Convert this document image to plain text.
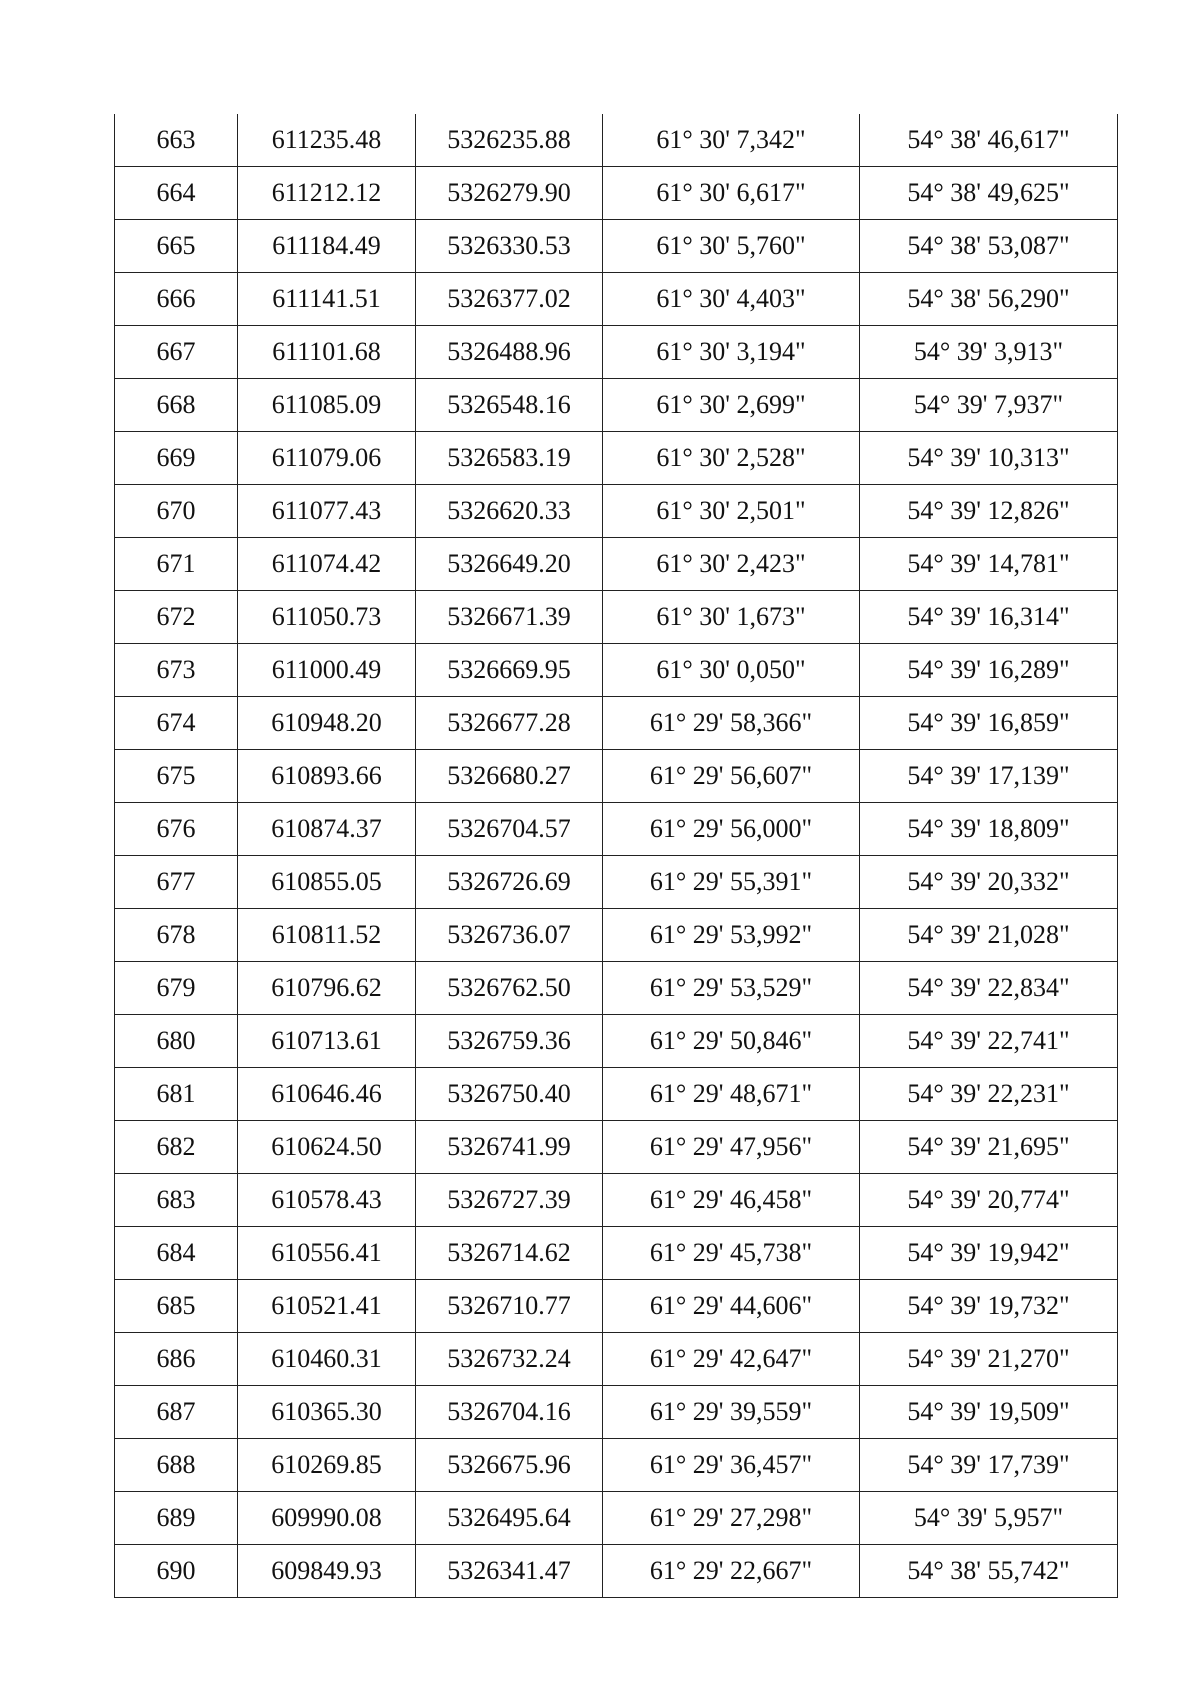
663	611235.48	5326235.88	61° 30' 7,342"	54° 38' 46,617"
664	611212.12	5326279.90	61° 30' 6,617"	54° 38' 49,625"
665	611184.49	5326330.53	61° 30' 5,760"	54° 38' 53,087"
666	611141.51	5326377.02	61° 30' 4,403"	54° 38' 56,290"
667	611101.68	5326488.96	61° 30' 3,194"	54° 39' 3,913"
668	611085.09	5326548.16	61° 30' 2,699"	54° 39' 7,937"
669	611079.06	5326583.19	61° 30' 2,528"	54° 39' 10,313"
670	611077.43	5326620.33	61° 30' 2,501"	54° 39' 12,826"
671	611074.42	5326649.20	61° 30' 2,423"	54° 39' 14,781"
672	611050.73	5326671.39	61° 30' 1,673"	54° 39' 16,314"
673	611000.49	5326669.95	61° 30' 0,050"	54° 39' 16,289"
674	610948.20	5326677.28	61° 29' 58,366"	54° 39' 16,859"
675	610893.66	5326680.27	61° 29' 56,607"	54° 39' 17,139"
676	610874.37	5326704.57	61° 29' 56,000"	54° 39' 18,809"
677	610855.05	5326726.69	61° 29' 55,391"	54° 39' 20,332"
678	610811.52	5326736.07	61° 29' 53,992"	54° 39' 21,028"
679	610796.62	5326762.50	61° 29' 53,529"	54° 39' 22,834"
680	610713.61	5326759.36	61° 29' 50,846"	54° 39' 22,741"
681	610646.46	5326750.40	61° 29' 48,671"	54° 39' 22,231"
682	610624.50	5326741.99	61° 29' 47,956"	54° 39' 21,695"
683	610578.43	5326727.39	61° 29' 46,458"	54° 39' 20,774"
684	610556.41	5326714.62	61° 29' 45,738"	54° 39' 19,942"
685	610521.41	5326710.77	61° 29' 44,606"	54° 39' 19,732"
686	610460.31	5326732.24	61° 29' 42,647"	54° 39' 21,270"
687	610365.30	5326704.16	61° 29' 39,559"	54° 39' 19,509"
688	610269.85	5326675.96	61° 29' 36,457"	54° 39' 17,739"
689	609990.08	5326495.64	61° 29' 27,298"	54° 39' 5,957"
690	609849.93	5326341.47	61° 29' 22,667"	54° 38' 55,742"
